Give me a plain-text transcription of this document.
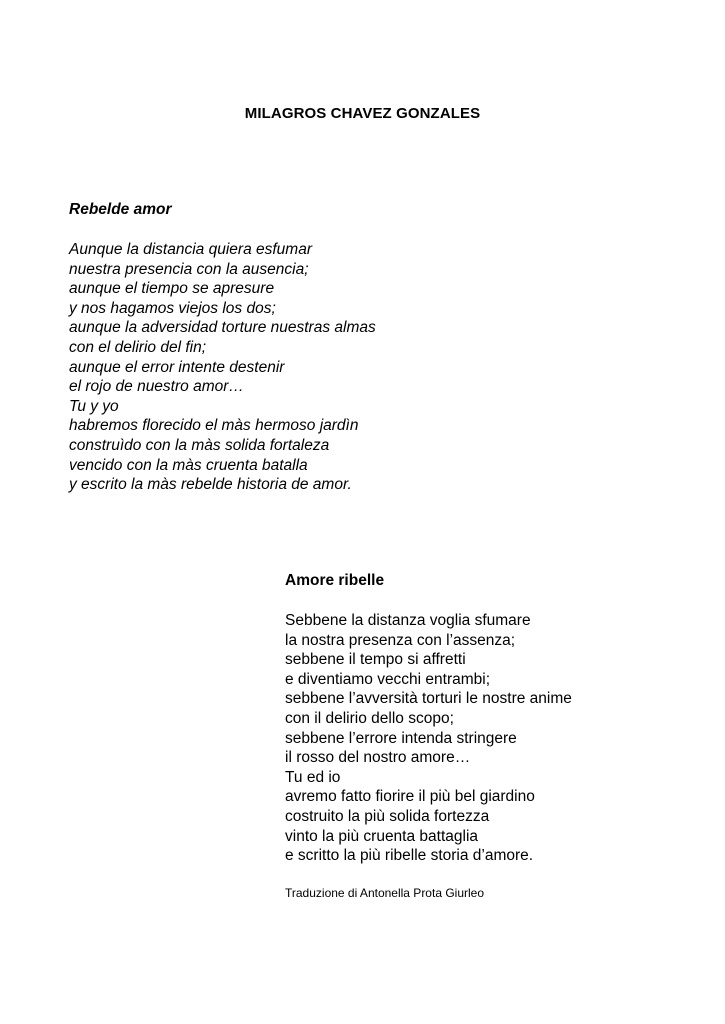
MILAGROS CHAVEZ GONZALES
Rebelde amor
Aunque la distancia quiera esfumar
nuestra presencia con la ausencia;
aunque el tiempo se apresure
y nos hagamos viejos los dos;
aunque la adversidad torture nuestras almas
con el delirio del fin;
aunque el error intente destenir
el rojo de nuestro amor…
Tu y yo
habremos florecido el màs hermoso jardìn
construìdo con la màs solida fortaleza
vencido con la màs cruenta batalla
y escrito la màs rebelde historia de amor.
Amore ribelle
Sebbene la distanza voglia sfumare
la nostra presenza con l’assenza;
sebbene il tempo si affretti
e diventiamo vecchi entrambi;
sebbene l’avversità torturi le nostre anime
con il delirio dello scopo;
sebbene l’errore intenda stringere
il rosso del nostro amore…
Tu ed io
avremo fatto fiorire il più bel giardino
costruito la più solida fortezza
vinto la più cruenta battaglia
e scritto la più ribelle storia d’amore.
Traduzione di Antonella Prota Giurleo
